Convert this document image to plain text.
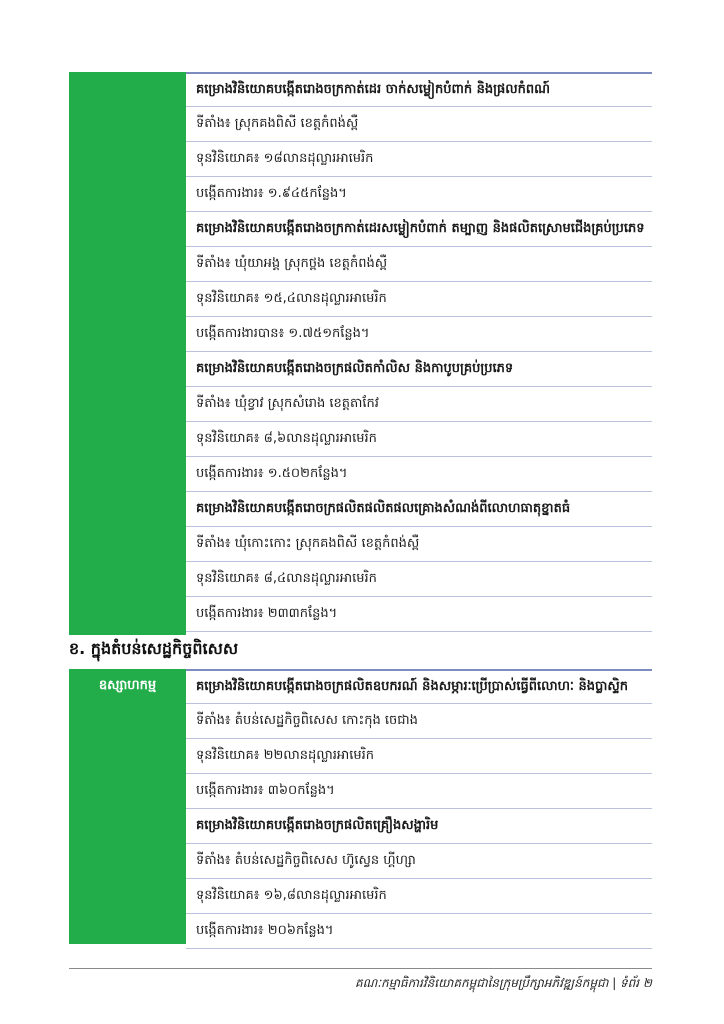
គម្រោងវិនិយោគបង្កើតរោងចក្រកាត់ដេរ ចាក់សម្លៀកបំពាក់ និងផ្រលកំពណ៍
ទីតាំង៖ ស្រុកគងពិសី ខេត្តកំពង់ស្ពឺ
ទុនវិនិយោគ៖ ១៨លានដុល្លារអាមេរិក
បង្កើតការងារ៖ ១.៩៤៥កន្លែង។
គម្រោងវិនិយោគបង្កើតរោងចក្រកាត់ដេរសម្លៀកបំពាក់ តម្បាញ និងផលិតស្រោមជើងគ្រប់ប្រភេទ
ទីតាំង៖ ឃុំយាអង្គ ស្រុកថ្ពង ខេត្តកំពង់ស្ពឺ
ទុនវិនិយោគ៖ ១៥,៤លានដុល្លារអាមេរិក
បង្កើតការងារបាន៖ ១.៧៥១កន្លែង។
គម្រោងវិនិយោគបង្កើតរោងចក្រផលិតកាំលិស និងកាបូបគ្រប់ប្រភេទ
ទីតាំង៖ ឃុំខ្វាវ ស្រុកសំរោង ខេត្តតាកែវ
ទុនវិនិយោគ៖ ៨,៦លានដុល្លារអាមេរិក
បង្កើតការងារ៖ ១.៥០២កន្លែង។
គម្រោងវិនិយោគបង្កើតរោចក្រផលិតផលិតផលគ្រោងសំណង់ពីលោហធាតុខ្នាតធំ
ទីតាំង៖ ឃុំកោះកោះ ស្រុកគងពិសី ខេត្តកំពង់ស្ពឺ
ទុនវិនិយោគ៖ ៨,៤លានដុល្លារអាមេរិក
បង្កើតការងារ៖ ២៣៣កន្លែង។
ខ. ក្នុងតំបន់សេដ្ឋកិច្ចពិសេស
ឧស្សាហកម្ម	គម្រោងវិនិយោគបង្កើតរោងចក្រផលិតឧបករណ៍ និងសម្ភារៈប្រើប្រាស់ធ្វើពីលោហៈ និងប្លាស្ទិក
ទីតាំង៖ តំបន់សេដ្ឋកិច្ចពិសេស កោះកុង ចេជាង
ទុនវិនិយោគ៖ ២២លានដុល្លារអាមេរិក
បង្កើតការងារ៖ ៣៦០កន្លែង។
គម្រោងវិនិយោគបង្កើតរោងចក្រផលិតគ្រឿងសង្ហារិម
ទីតាំង៖ តំបន់សេដ្ឋកិច្ចពិសេស ហ៊ូស្វេន ហ្គីហ្សា
ទុនវិនិយោគ៖ ១៦,៨លានដុល្លារអាមេរិក
បង្កើតការងារ៖ ២០៦កន្លែង។
គណៈកម្មាធិការវិនិយោគកម្ពុជានៃក្រុមប្រឹក្សាអភិវឌ្ឍន៍កម្ពុជា | ទំព័រ ២
